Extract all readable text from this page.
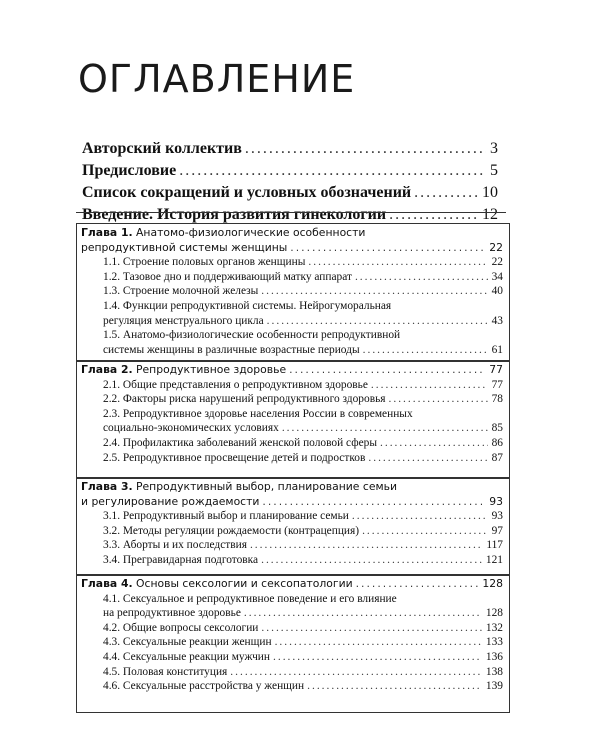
ОГЛАВЛЕНИЕ
Авторский коллектив .....	3
Предисловие .....	5
Список сокращений и условных обозначений .....	10
Введение. История развития гинекологии .....	12
Глава 1. Анатомо-физиологические особенности
репродуктивной системы женщины .....	22
1.1. Строение половых органов женщины .....	22
1.2. Тазовое дно и поддерживающий матку аппарат .....	34
1.3. Строение молочной железы .....	40
1.4. Функции репродуктивной системы. Нейрогуморальная
регуляция менструального цикла .....	43
1.5. Анатомо-физиологические особенности репродуктивной
системы женщины в различные возрастные периоды .....	61
Глава 2. Репродуктивное здоровье .....	77
2.1. Общие представления о репродуктивном здоровье .....	77
2.2. Факторы риска нарушений репродуктивного здоровья .....	78
2.3. Репродуктивное здоровье населения России в современных
социально-экономических условиях .....	85
2.4. Профилактика заболеваний женской половой сферы .....	86
2.5. Репродуктивное просвещение детей и подростков .....	87
Глава 3. Репродуктивный выбор, планирование семьи
и регулирование рождаемости .....	93
3.1. Репродуктивный выбор и планирование семьи .....	93
3.2. Методы регуляции рождаемости (контрацепция) .....	97
3.3. Аборты и их последствия .....	117
3.4. Прегравидарная подготовка .....	121
Глава 4. Основы сексологии и сексопатологии .....	128
4.1. Сексуальное и репродуктивное поведение и его влияние
на репродуктивное здоровье .....	128
4.2. Общие вопросы сексологии .....	132
4.3. Сексуальные реакции женщин .....	133
4.4. Сексуальные реакции мужчин .....	136
4.5. Половая конституция .....	138
4.6. Сексуальные расстройства у женщин .....	139
